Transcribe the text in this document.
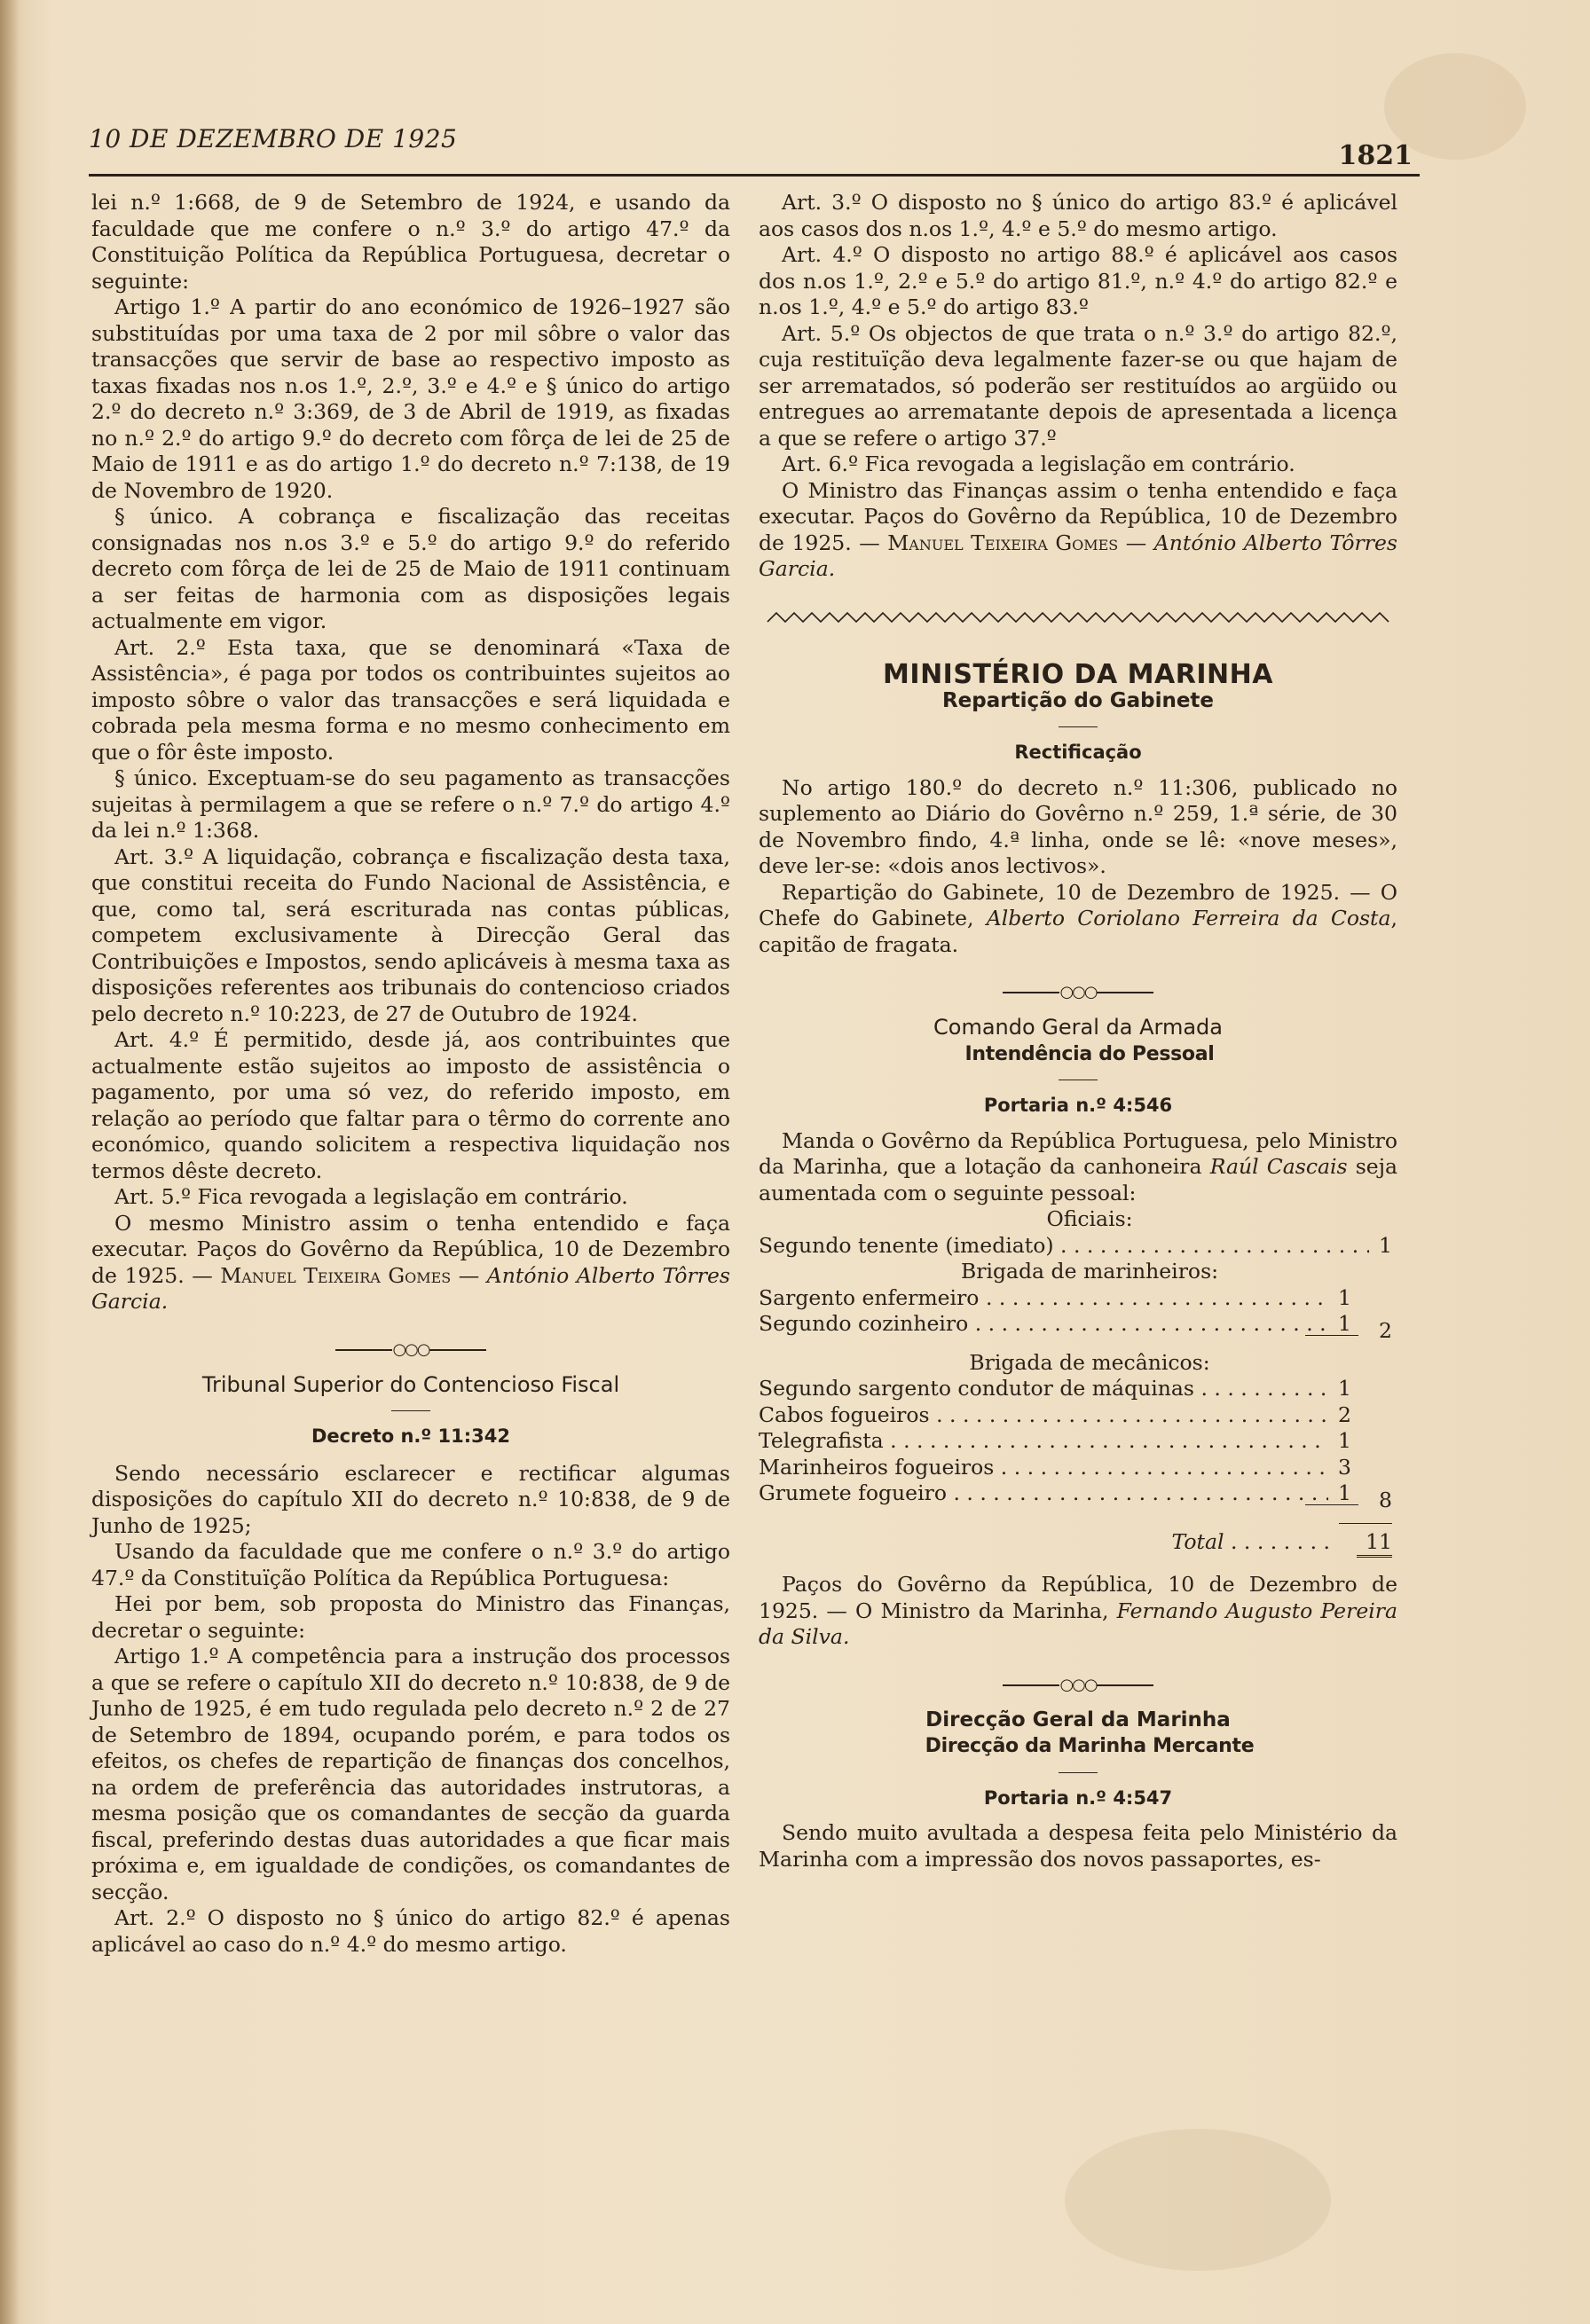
10 DE DEZEMBRO DE 1925
1821

lei n.º 1:668, de 9 de Setembro de 1924, e usando da faculdade que me confere o n.º 3.º do artigo 47.º da Constituição Política da República Portuguesa, decretar o seguinte:

Artigo 1.º A partir do ano económico de 1926–1927 são substituídas por uma taxa de 2 por mil sôbre o valor das transacções que servir de base ao respectivo imposto as taxas fixadas nos n.os 1.º, 2.º, 3.º e 4.º e § único do artigo 2.º do decreto n.º 3:369, de 3 de Abril de 1919, as fixadas no n.º 2.º do artigo 9.º do decreto com fôrça de lei de 25 de Maio de 1911 e as do artigo 1.º do decreto n.º 7:138, de 19 de Novembro de 1920.

§ único. A cobrança e fiscalização das receitas consignadas nos n.os 3.º e 5.º do artigo 9.º do referido decreto com fôrça de lei de 25 de Maio de 1911 continuam a ser feitas de harmonia com as disposições legais actualmente em vigor.

Art. 2.º Esta taxa, que se denominará «Taxa de Assistência», é paga por todos os contribuintes sujeitos ao imposto sôbre o valor das transacções e será liquidada e cobrada pela mesma forma e no mesmo conhecimento em que o fôr êste imposto.

§ único. Exceptuam-se do seu pagamento as transacções sujeitas à permilagem a que se refere o n.º 7.º do artigo 4.º da lei n.º 1:368.

Art. 3.º A liquidação, cobrança e fiscalização desta taxa, que constitui receita do Fundo Nacional de Assistência, e que, como tal, será escriturada nas contas públicas, competem exclusivamente à Direcção Geral das Contribuições e Impostos, sendo aplicáveis à mesma taxa as disposições referentes aos tribunais do contencioso criados pelo decreto n.º 10:223, de 27 de Outubro de 1924.

Art. 4.º É permitido, desde já, aos contribuintes que actualmente estão sujeitos ao imposto de assistência o pagamento, por uma só vez, do referido imposto, em relação ao período que faltar para o têrmo do corrente ano económico, quando solicitem a respectiva liquidação nos termos dêste decreto.

Art. 5.º Fica revogada a legislação em contrário.

O mesmo Ministro assim o tenha entendido e faça executar. Paços do Govêrno da República, 10 de Dezembro de 1925. — Manuel Teixeira Gomes — António Alberto Tôrres Garcia.

○○○

Tribunal Superior do Contencioso Fiscal

Decreto n.º 11:342

Sendo necessário esclarecer e rectificar algumas disposições do capítulo XII do decreto n.º 10:838, de 9 de Junho de 1925;

Usando da faculdade que me confere o n.º 3.º do artigo 47.º da Constituïção Política da República Portuguesa:

Hei por bem, sob proposta do Ministro das Finanças, decretar o seguinte:

Artigo 1.º A competência para a instrução dos processos a que se refere o capítulo XII do decreto n.º 10:838, de 9 de Junho de 1925, é em tudo regulada pelo decreto n.º 2 de 27 de Setembro de 1894, ocupando porém, e para todos os efeitos, os chefes de repartição de finanças dos concelhos, na ordem de preferência das autoridades instrutoras, a mesma posição que os comandantes de secção da guarda fiscal, preferindo destas duas autoridades a que ficar mais próxima e, em igualdade de condições, os comandantes de secção.

Art. 2.º O disposto no § único do artigo 82.º é apenas aplicável ao caso do n.º 4.º do mesmo artigo.

Art. 3.º O disposto no § único do artigo 83.º é aplicável aos casos dos n.os 1.º, 4.º e 5.º do mesmo artigo.

Art. 4.º O disposto no artigo 88.º é aplicável aos casos dos n.os 1.º, 2.º e 5.º do artigo 81.º, n.º 4.º do artigo 82.º e n.os 1.º, 4.º e 5.º do artigo 83.º

Art. 5.º Os objectos de que trata o n.º 3.º do artigo 82.º, cuja restituïção deva legalmente fazer-se ou que hajam de ser arrematados, só poderão ser restituídos ao argüido ou entregues ao arrematante depois de apresentada a licença a que se refere o artigo 37.º

Art. 6.º Fica revogada a legislação em contrário.

O Ministro das Finanças assim o tenha entendido e faça executar. Paços do Govêrno da República, 10 de Dezembro de 1925. — Manuel Teixeira Gomes — António Alberto Tôrres Garcia.

MINISTÉRIO DA MARINHA

Repartição do Gabinete

Rectificação

No artigo 180.º do decreto n.º 11:306, publicado no suplemento ao Diário do Govêrno n.º 259, 1.ª série, de 30 de Novembro findo, 4.ª linha, onde se lê: «nove meses», deve ler-se: «dois anos lectivos».

Repartição do Gabinete, 10 de Dezembro de 1925. — O Chefe do Gabinete, Alberto Coriolano Ferreira da Costa, capitão de fragata.

○○○

Comando Geral da Armada

Intendência do Pessoal

Portaria n.º 4:546

Manda o Govêrno da República Portuguesa, pelo Ministro da Marinha, que a lotação da canhoneira Raúl Cascais seja aumentada com o seguinte pessoal:

Oficiais:

Segundo tenente (imediato) . . .	1

Brigada de marinheiros:

Sargento enfermeiro . . .	1
Segundo cozinheiro . . .	1	2

Brigada de mecânicos:

Segundo sargento condutor de máquinas . . .	1
Cabos fogueiros . . .	2
Telegrafista . . .	1
Marinheiros fogueiros . . .	3
Grumete fogueiro . . .	1	8
Total . . .	11

Paços do Govêrno da República, 10 de Dezembro de 1925. — O Ministro da Marinha, Fernando Augusto Pereira da Silva.

○○○

Direcção Geral da Marinha

Direcção da Marinha Mercante

Portaria n.º 4:547

Sendo muito avultada a despesa feita pelo Ministério da Marinha com a impressão dos novos passaportes, es-
